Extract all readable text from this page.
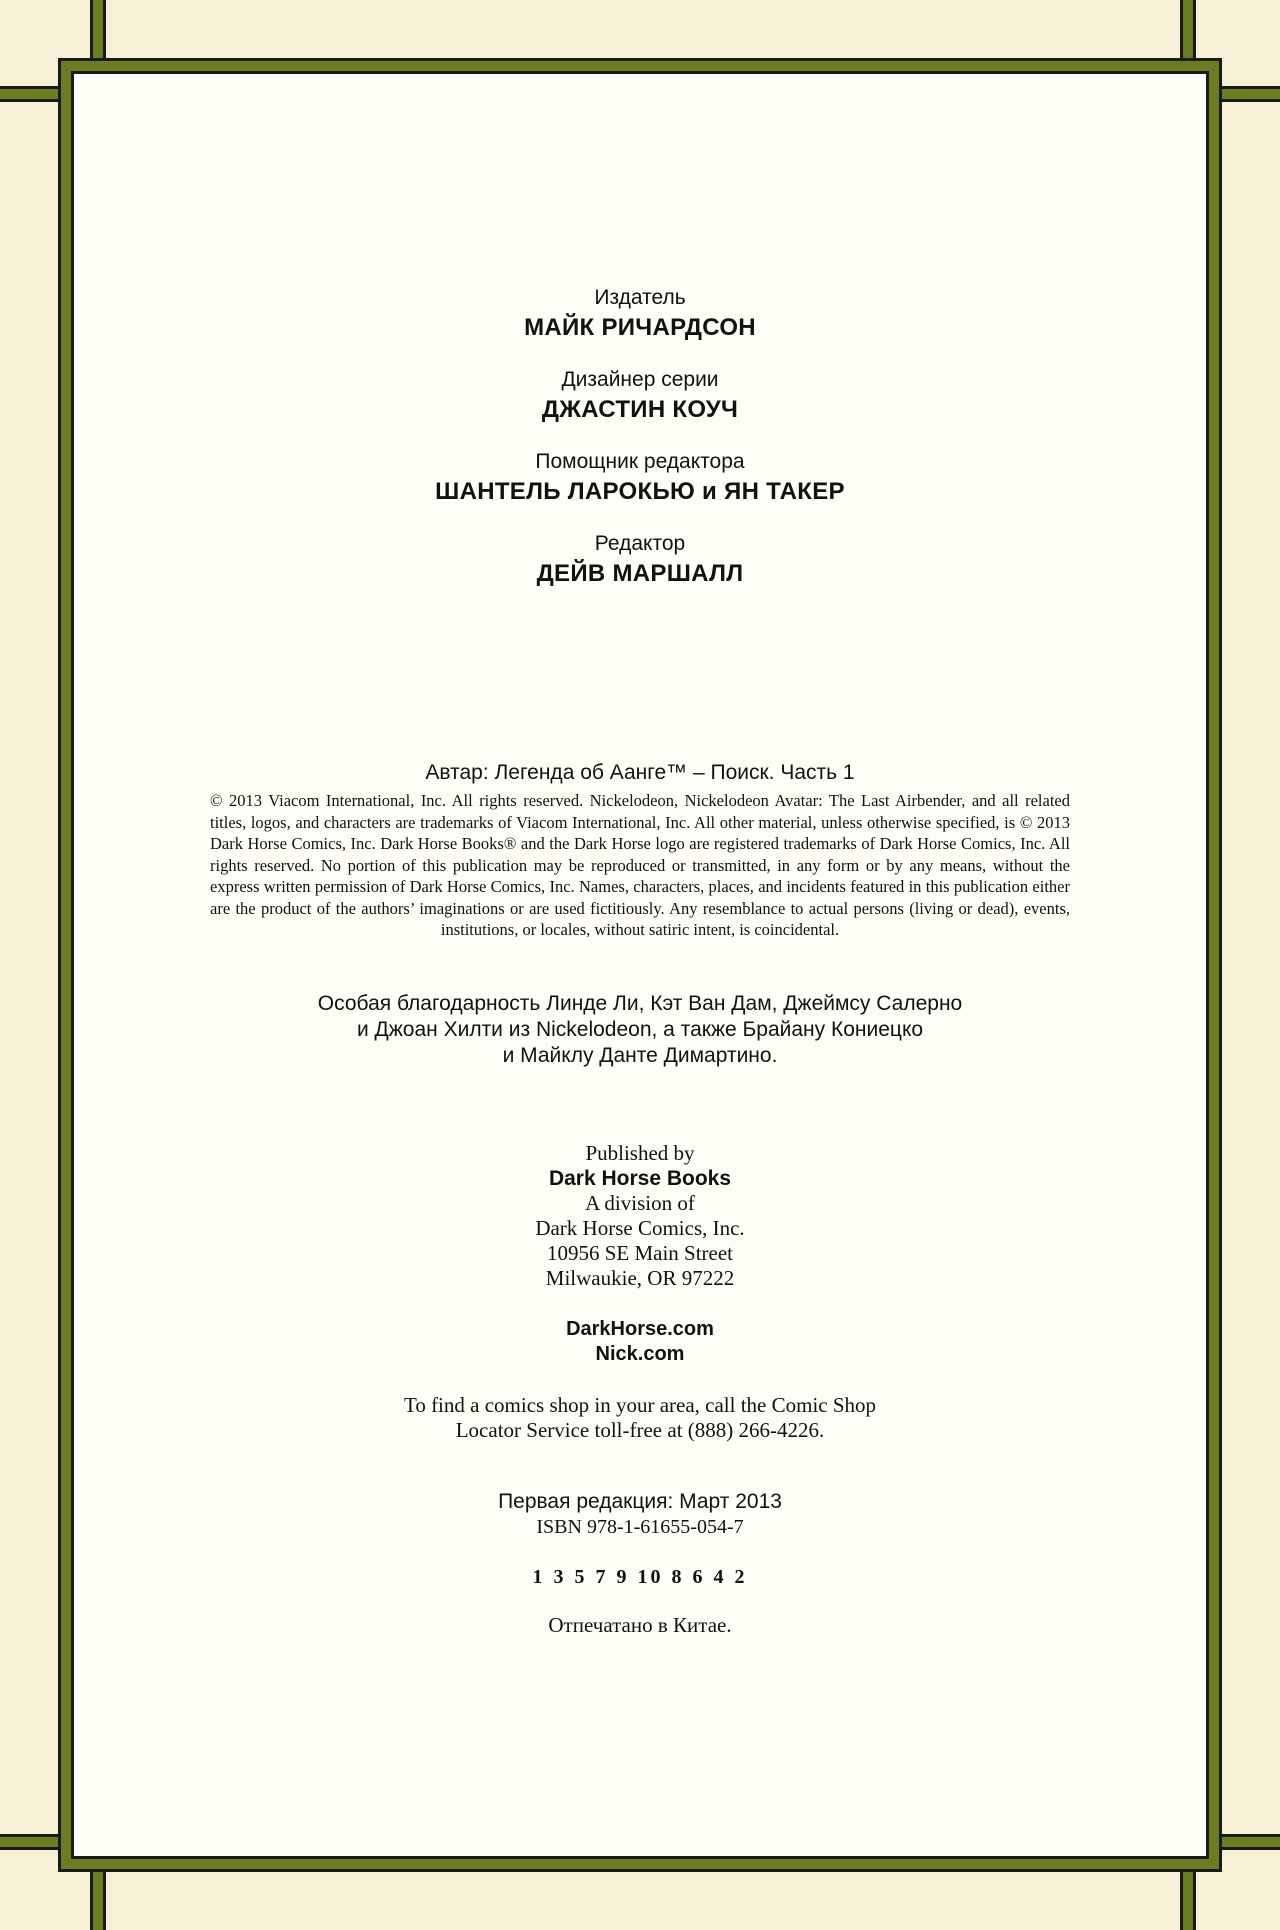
Издатель

МАЙК РИЧАРДСОН

Дизайнер серии

ДЖАСТИН КОУЧ

Помощник редактора

ШАНТЕЛЬ ЛАРОКЬЮ и ЯН ТАКЕР

Редактор

ДЕЙВ МАРШАЛЛ

Автар: Легенда об Аанге™ – Поиск. Часть 1
© 2013 Viacom International, Inc. All rights reserved. Nickelodeon, Nickelodeon Avatar: The Last Airbender, and all related titles, logos, and characters are trademarks of Viacom International, Inc. All other material, unless otherwise specified, is © 2013 Dark Horse Comics, Inc. Dark Horse Books® and the Dark Horse logo are registered trademarks of Dark Horse Comics, Inc. All rights reserved. No portion of this publication may be reproduced or transmitted, in any form or by any means, without the express written permission of Dark Horse Comics, Inc. Names, characters, places, and incidents featured in this publication either are the product of the authors’ imaginations or are used fictitiously. Any resemblance to actual persons (living or dead), events, institutions, or locales, without satiric intent, is coincidental.
Особая благодарность Линде Ли, Кэт Ван Дам, Джеймсу Салерно
и Джоан Хилти из Nickelodeon, а также Брайану Кониецко
и Майклу Данте Димартино.
Published by
Dark Horse Books
A division of
Dark Horse Comics, Inc.
10956 SE Main Street
Milwaukie, OR 97222
DarkHorse.com
Nick.com
To find a comics shop in your area, call the Comic Shop
Locator Service toll-free at (888) 266-4226.
Первая редакция: Март 2013
ISBN 978-1-61655-054-7
1 3 5 7 9 10 8 6 4 2
Отпечатано в Китае.
